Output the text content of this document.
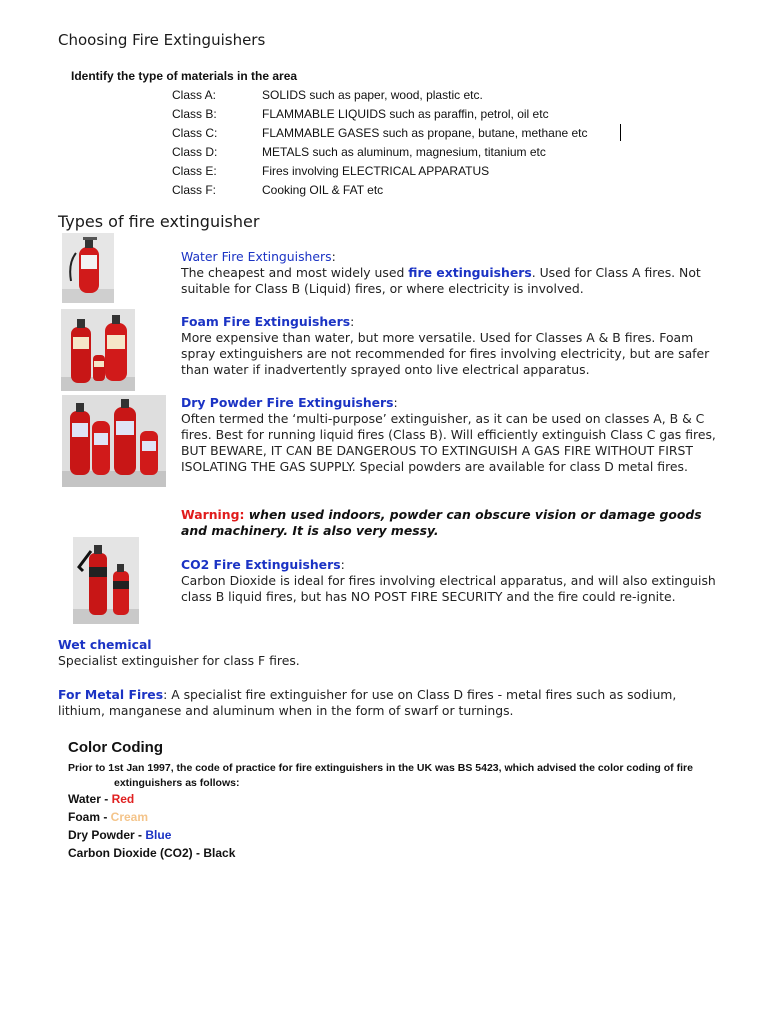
Choosing Fire Extinguishers
Identify the type of materials in the area
Class A:	SOLIDS such as paper, wood, plastic etc.
Class B:	FLAMMABLE LIQUIDS such as paraffin, petrol, oil etc
Class C:	FLAMMABLE GASES such as propane, butane, methane etc
Class D:	METALS such as aluminum, magnesium, titanium etc
Class E:	Fires involving ELECTRICAL APPARATUS
Class F:	Cooking OIL & FAT etc
Types of fire extinguisher
Water Fire Extinguishers:
The cheapest and most widely used fire extinguishers. Used for Class A fires. Not suitable for Class B (Liquid) fires, or where electricity is involved.
Foam Fire Extinguishers:
More expensive than water, but more versatile. Used for Classes A & B fires. Foam spray extinguishers are not recommended for fires involving electricity, but are safer than water if inadvertently sprayed onto live electrical apparatus.
Dry Powder Fire Extinguishers:
Often termed the ‘multi-purpose’ extinguisher, as it can be used on classes A, B & C fires. Best for running liquid fires (Class B). Will efficiently extinguish Class C gas fires, BUT BEWARE, IT CAN BE DANGEROUS TO EXTINGUISH A GAS FIRE WITHOUT FIRST ISOLATING THE GAS SUPPLY. Special powders are available for class D metal fires.
Warning: when used indoors, powder can obscure vision or damage goods and machinery. It is also very messy.
CO2 Fire Extinguishers:
Carbon Dioxide is ideal for fires involving electrical apparatus, and will also extinguish class B liquid fires, but has NO POST FIRE SECURITY and the fire could re-ignite.
Wet chemical
Specialist extinguisher for class F fires.
For Metal Fires: A specialist fire extinguisher for use on Class D fires - metal fires such as sodium, lithium, manganese and aluminum when in the form of swarf or turnings.
Color Coding
Prior to 1st Jan 1997, the code of practice for fire extinguishers in the UK was BS 5423, which advised the color coding of fire
extinguishers as follows:
Water - Red
Foam - Cream
Dry Powder - Blue
Carbon Dioxide (CO2) - Black
